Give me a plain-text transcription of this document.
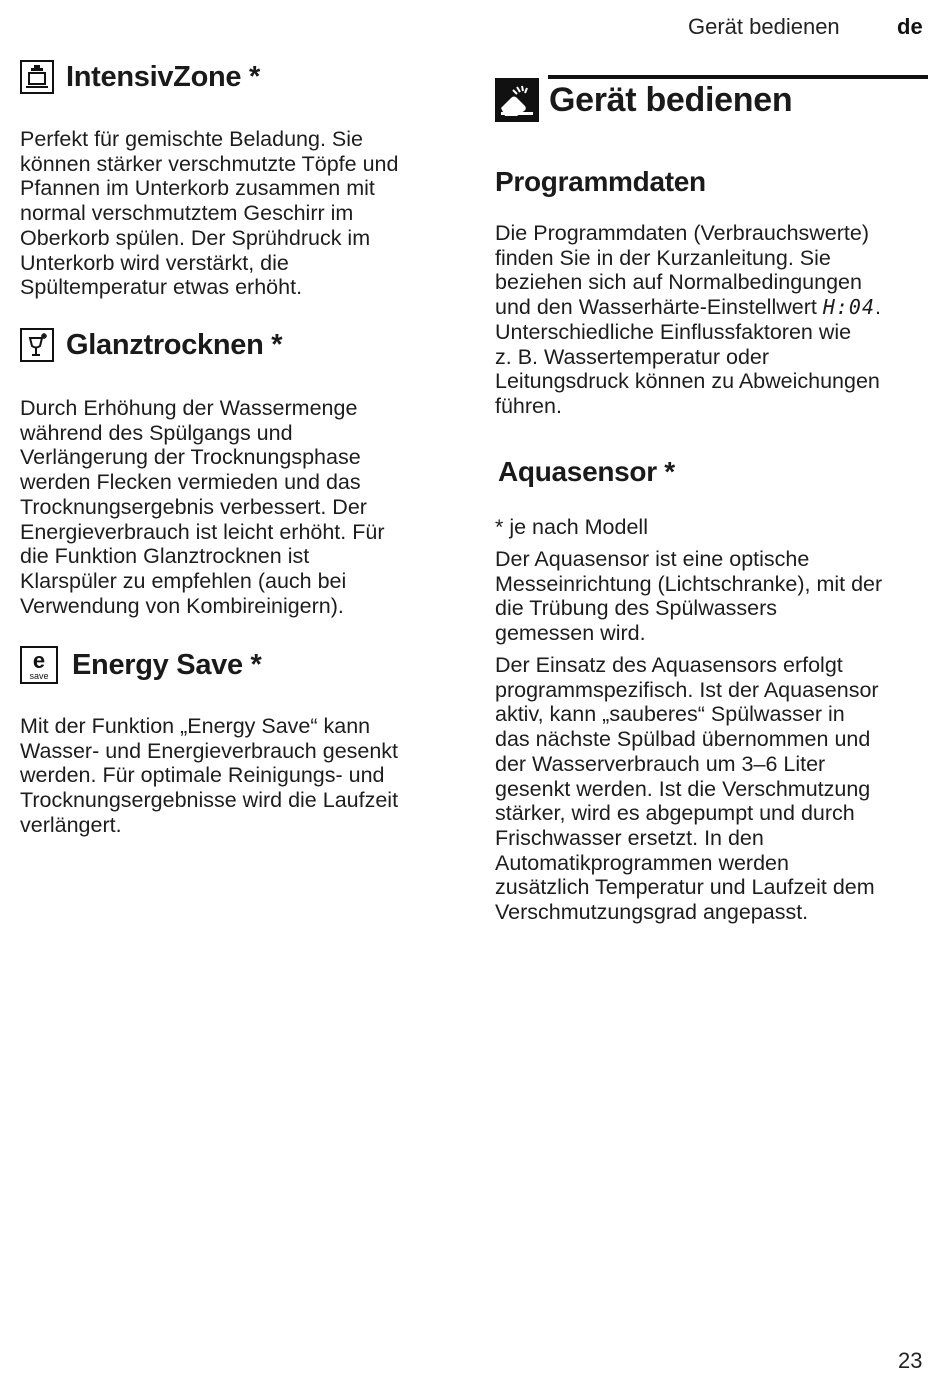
Gerät bedienen	de
IntensivZone *
Perfekt für gemischte Beladung. Sie
können stärker verschmutzte Töpfe und
Pfannen im Unterkorb zusammen mit
normal verschmutztem Geschirr im
Oberkorb spülen. Der Sprühdruck im
Unterkorb wird verstärkt, die
Spültemperatur etwas erhöht.
Glanztrocknen *
Durch Erhöhung der Wassermenge
während des Spülgangs und
Verlängerung der Trocknungsphase
werden Flecken vermieden und das
Trocknungsergebnis verbessert. Der
Energieverbrauch ist leicht erhöht. Für
die Funktion Glanztrocknen ist
Klarspüler zu empfehlen (auch bei
Verwendung von Kombireinigern).
e
save Energy Save *
Mit der Funktion „Energy Save“ kann
Wasser- und Energieverbrauch gesenkt
werden. Für optimale Reinigungs- und
Trocknungsergebnisse wird die Laufzeit
verlängert.
Gerät bedienen
Programmdaten
Die Programmdaten (Verbrauchswerte)
finden Sie in der Kurzanleitung. Sie
beziehen sich auf Normalbedingungen
und den Wasserhärte-Einstellwert H:04.
Unterschiedliche Einflussfaktoren wie
z. B. Wassertemperatur oder
Leitungsdruck können zu Abweichungen
führen.
Aquasensor *
* je nach Modell
Der Aquasensor ist eine optische
Messeinrichtung (Lichtschranke), mit der
die Trübung des Spülwassers
gemessen wird.
Der Einsatz des Aquasensors erfolgt
programmspezifisch. Ist der Aquasensor
aktiv, kann „sauberes“ Spülwasser in
das nächste Spülbad übernommen und
der Wasserverbrauch um 3–6 Liter
gesenkt werden. Ist die Verschmutzung
stärker, wird es abgepumpt und durch
Frischwasser ersetzt. In den
Automatikprogrammen werden
zusätzlich Temperatur und Laufzeit dem
Verschmutzungsgrad angepasst.
23
